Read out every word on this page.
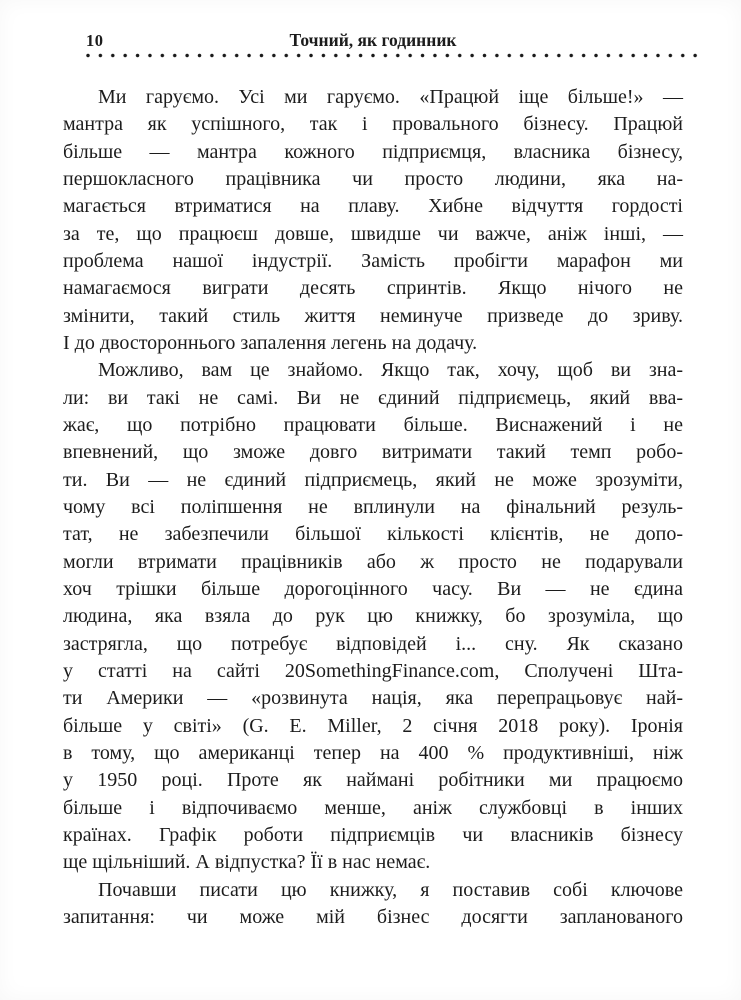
10	Точний, як годинник
Ми гаруємо. Усі ми гаруємо. «Працюй іще більше!» —
мантра як успішного, так і провального бізнесу. Працюй
більше — мантра кожного підприємця, власника бізнесу,
першокласного працівника чи просто людини, яка на-
магається втриматися на плаву. Хибне відчуття гордості
за те, що працюєш довше, швидше чи важче, аніж інші, —
проблема нашої індустрії. Замість пробігти марафон ми
намагаємося виграти десять спринтів. Якщо нічого не
змінити, такий стиль життя неминуче призведе до зриву.
І до двостороннього запалення легень на додачу.
Можливо, вам це знайомо. Якщо так, хочу, щоб ви зна-
ли: ви такі не самі. Ви не єдиний підприємець, який вва-
жає, що потрібно працювати більше. Виснажений і не
впевнений, що зможе довго витримати такий темп робо-
ти. Ви — не єдиний підприємець, який не може зрозуміти,
чому всі поліпшення не вплинули на фінальний резуль-
тат, не забезпечили більшої кількості клієнтів, не допо-
могли втримати працівників або ж просто не подарували
хоч трішки більше дорогоцінного часу. Ви — не єдина
людина, яка взяла до рук цю книжку, бо зрозуміла, що
застрягла, що потребує відповідей і... сну. Як сказано
у статті на сайті 20SomethingFinance.com, Сполучені Шта-
ти Америки — «розвинута нація, яка перепрацьовує най-
більше у світі» (G. E. Miller, 2 січня 2018 року). Іронія
в тому, що американці тепер на 400 % продуктивніші, ніж
у 1950 році. Проте як наймані робітники ми працюємо
більше і відпочиваємо менше, аніж службовці в інших
країнах. Графік роботи підприємців чи власників бізнесу
ще щільніший. А відпустка? Її в нас немає.
Почавши писати цю книжку, я поставив собі ключове
запитання: чи може мій бізнес досягти запланованого
